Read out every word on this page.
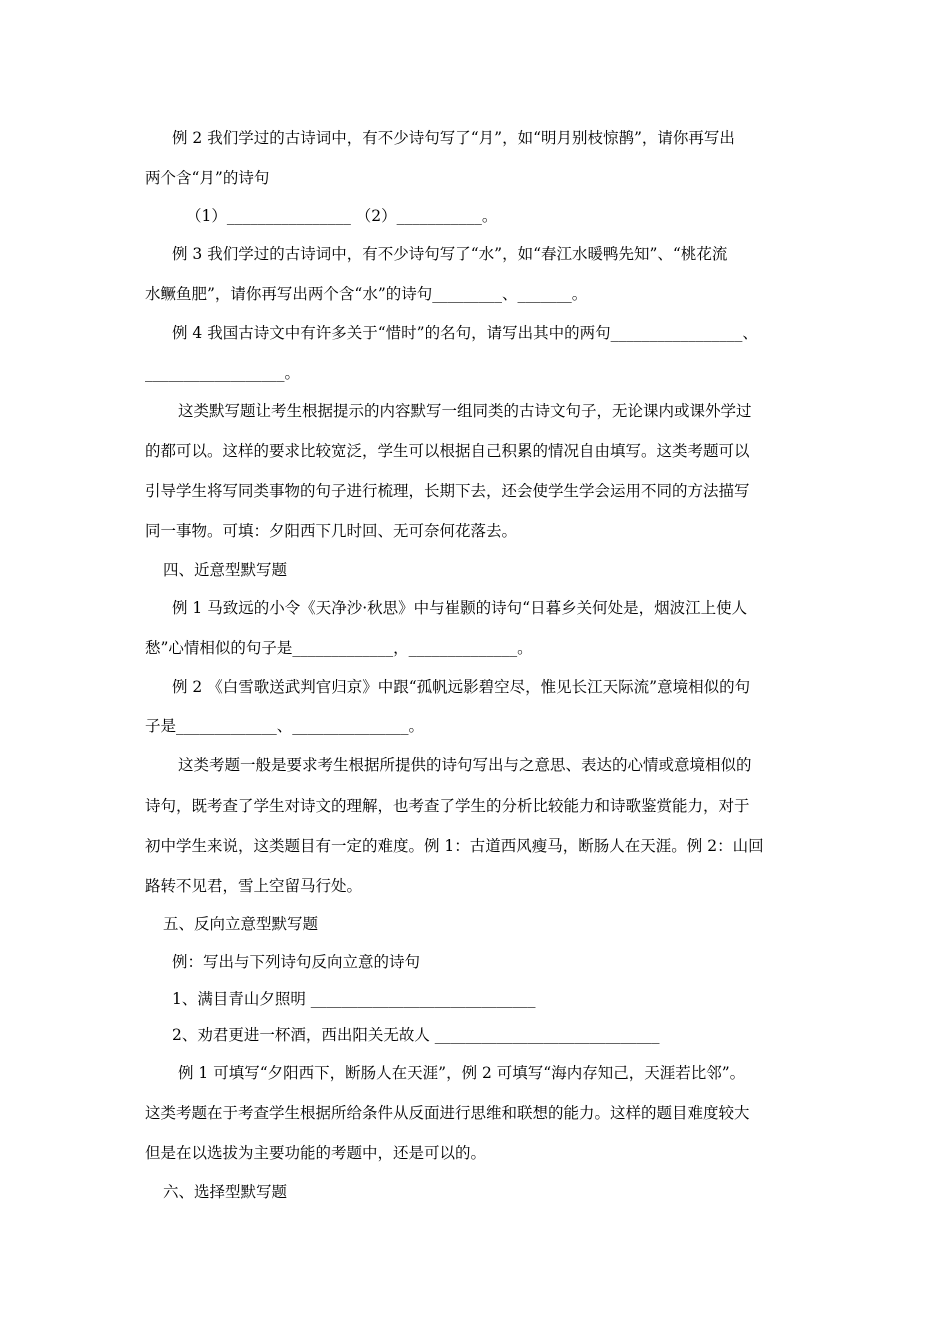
例 2 我们学过的古诗词中，有不少诗句写了“月”，如“明月别枝惊鹊”，请你再写出
两个含“月”的诗句
（1）________________ （2）___________。
例 3 我们学过的古诗词中，有不少诗句写了“水”，如“春江水暖鸭先知”、“桃花流
水鳜鱼肥”，请你再写出两个含“水”的诗句_________、_______。
例 4 我国古诗文中有许多关于“惜时”的名句，请写出其中的两句_________________、
__________________。
这类默写题让考生根据提示的内容默写一组同类的古诗文句子，无论课内或课外学过
的都可以。这样的要求比较宽泛，学生可以根据自己积累的情况自由填写。这类考题可以
引导学生将写同类事物的句子进行梳理，长期下去，还会使学生学会运用不同的方法描写
同一事物。可填：夕阳西下几时回、无可奈何花落去。
四、近意型默写题
例 1 马致远的小令《天净沙·秋思》中与崔颢的诗句“日暮乡关何处是，烟波江上使人
愁”心情相似的句子是_____________，______________。
例 2 《白雪歌送武判官归京》中跟“孤帆远影碧空尽，惟见长江天际流”意境相似的句
子是_____________、_______________。
这类考题一般是要求考生根据所提供的诗句写出与之意思、表达的心情或意境相似的
诗句，既考查了学生对诗文的理解，也考查了学生的分析比较能力和诗歌鉴赏能力，对于
初中学生来说，这类题目有一定的难度。例 1：古道西风瘦马，断肠人在天涯。例 2：山回
路转不见君，雪上空留马行处。
五、反向立意型默写题
例：写出与下列诗句反向立意的诗句
1、满目青山夕照明 _____________________________
2、劝君更进一杯酒，西出阳关无故人 _____________________________
例 1 可填写“夕阳西下，断肠人在天涯”，例 2 可填写“海内存知己，天涯若比邻”。
这类考题在于考查学生根据所给条件从反面进行思维和联想的能力。这样的题目难度较大
但是在以选拔为主要功能的考题中，还是可以的。
六、选择型默写题
